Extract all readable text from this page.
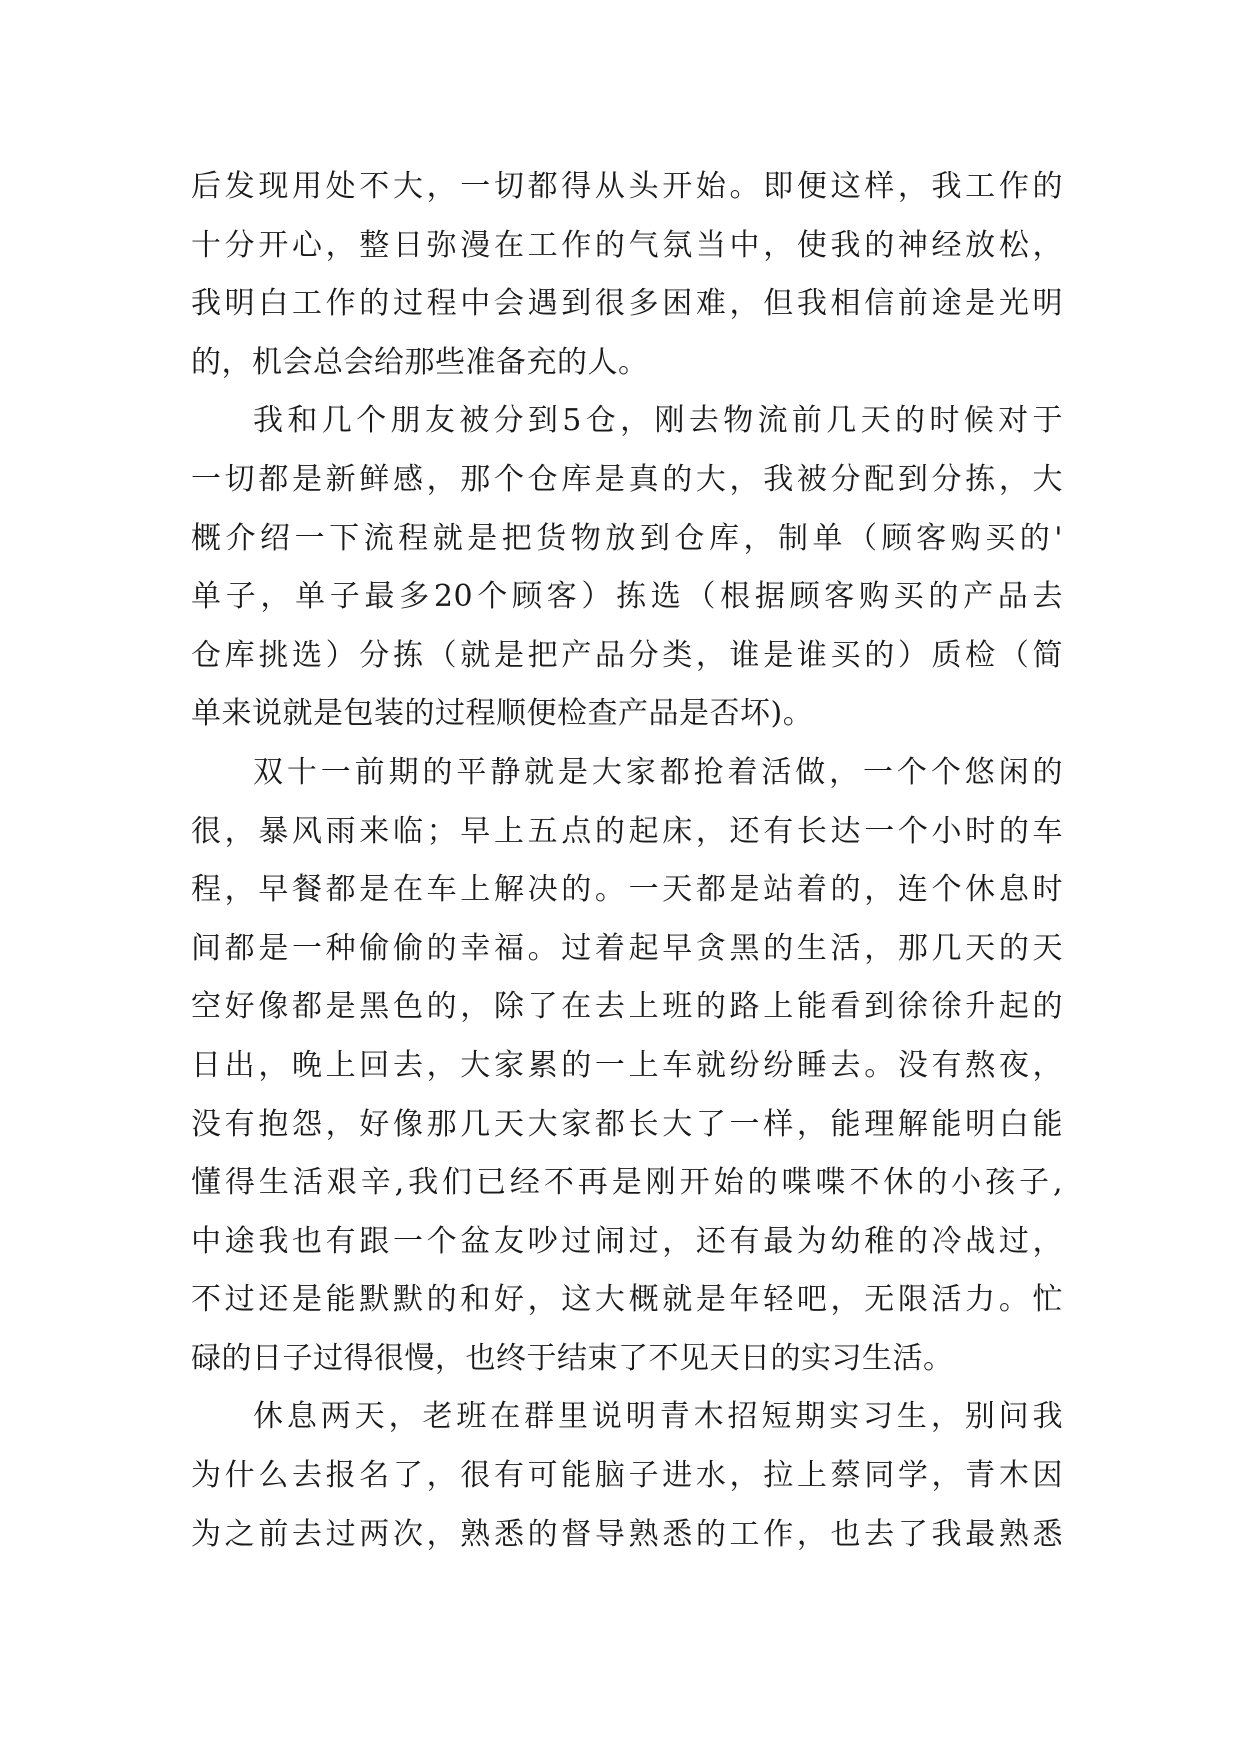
后发现用处不大，一切都得从头开始。即便这样，我工作的
十分开心，整日弥漫在工作的气氛当中，使我的神经放松，
我明白工作的过程中会遇到很多困难，但我相信前途是光明
的，机会总会给那些准备充的人。
我和几个朋友被分到5仓，刚去物流前几天的时候对于
一切都是新鲜感，那个仓库是真的大，我被分配到分拣，大
概介绍一下流程就是把货物放到仓库，制单（顾客购买的'
单子，单子最多20个顾客）拣选（根据顾客购买的产品去
仓库挑选）分拣（就是把产品分类，谁是谁买的）质检（简
单来说就是包装的过程顺便检查产品是否坏)。
双十一前期的平静就是大家都抢着活做，一个个悠闲的
很，暴风雨来临；早上五点的起床，还有长达一个小时的车
程，早餐都是在车上解决的。一天都是站着的，连个休息时
间都是一种偷偷的幸福。过着起早贪黑的生活，那几天的天
空好像都是黑色的，除了在去上班的路上能看到徐徐升起的
日出，晚上回去，大家累的一上车就纷纷睡去。没有熬夜，
没有抱怨，好像那几天大家都长大了一样，能理解能明白能
懂得生活艰辛,我们已经不再是刚开始的喋喋不休的小孩子,
中途我也有跟一个盆友吵过闹过，还有最为幼稚的冷战过，
不过还是能默默的和好，这大概就是年轻吧，无限活力。忙
碌的日子过得很慢，也终于结束了不见天日的实习生活。
休息两天，老班在群里说明青木招短期实习生，别问我
为什么去报名了，很有可能脑子进水，拉上蔡同学，青木因
为之前去过两次，熟悉的督导熟悉的工作，也去了我最熟悉
